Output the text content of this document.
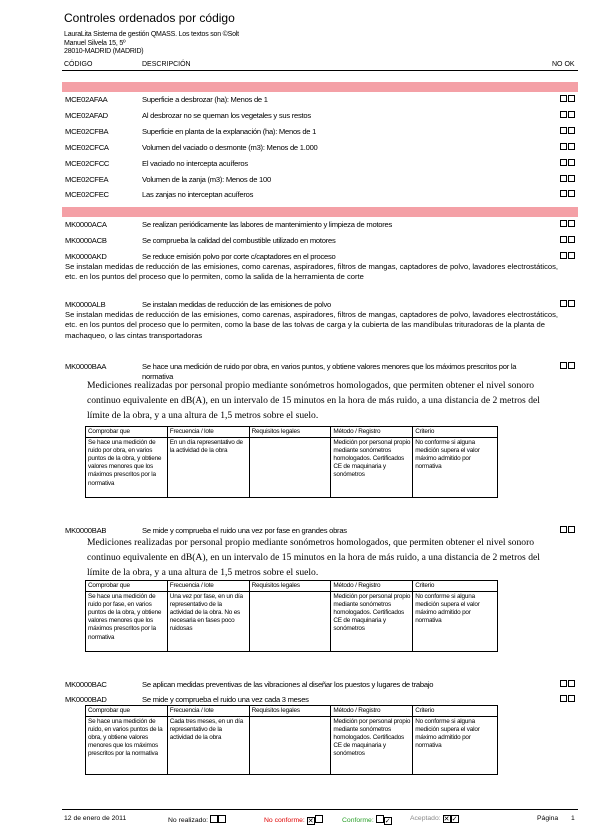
Controles ordenados por código
LauraLita Sistema de gestión QMASS. Los textos son ©Solt
Manuel Silvela 15, 5º
28010-MADRID (MADRID)
CÓDIGO	DESCRIPCIÓN	NO OK
MCE02AFAA	Superficie a desbrozar (ha): Menos de 1
MCE02AFAD	Al desbrozar no se queman los vegetales y sus restos
MCE02CFBA	Superficie en planta de la explanación (ha): Menos de 1
MCE02CFCA	Volumen del vaciado o desmonte (m3): Menos de 1.000
MCE02CFCC	El vaciado no intercepta acuíferos
MCE02CFEA	Volumen de la zanja (m3): Menos de 100
MCE02CFEC	Las zanjas no interceptan acuíferos
MK0000ACA	Se realizan periódicamente las labores de mantenimiento y limpieza de motores
MK0000ACB	Se comprueba la calidad del combustible utilizado en motores
MK0000AKD	Se reduce emisión polvo por corte c/captadores en el proceso
Se instalan medidas de reducción de las emisiones, como carenas, aspiradores, filtros de mangas, captadores de polvo, lavadores electrostáticos, etc. en los puntos del proceso que lo permiten, como la salida de la herramienta de corte
MK0000ALB	Se instalan medidas de reducción de las emisiones de polvo
Se instalan medidas de reducción de las emisiones, como carenas, aspiradores, filtros de mangas, captadores de polvo, lavadores electrostáticos, etc. en los puntos del proceso que lo permiten, como la base de las tolvas de carga y la cubierta de las mandíbulas trituradoras de la planta de machaqueo, o las cintas transportadoras
MK0000BAA	Se hace una medición de ruido por obra, en varios puntos, y obtiene valores menores que los máximos prescritos por la normativa
Mediciones realizadas por personal propio mediante sonómetros homologados, que permiten obtener el nivel sonoro continuo equivalente en dB(A), en un intervalo de 15 minutos en la hora de más ruido, a una distancia de 2 metros del límite de la obra, y a una altura de 1,5 metros sobre el suelo.
Comprobar que	Frecuencia / lote	Requisitos legales	Método / Registro	Criterio
Se hace una medición de ruido por obra, en varios puntos de la obra, y obtiene valores menores que los máximos prescritos por la normativa	En un día representativo de la actividad de la obra		Medición por personal propio mediante sonómetros homologados. Certificados CE de maquinaria y sonómetros	No conforme si alguna medición supera el valor máximo admitido por normativa
MK0000BAB	Se mide y comprueba el ruido una vez por fase en grandes obras
Mediciones realizadas por personal propio mediante sonómetros homologados, que permiten obtener el nivel sonoro continuo equivalente en dB(A), en un intervalo de 15 minutos en la hora de más ruido, a una distancia de 2 metros del límite de la obra, y a una altura de 1,5 metros sobre el suelo.
Comprobar que	Frecuencia / lote	Requisitos legales	Método / Registro	Criterio
Se hace una medición de ruido por fase, en varios puntos de la obra, y obtiene valores menores que los máximos prescritos por la normativa	Una vez por fase, en un día representativo de la actividad de la obra. No es necesaria en fases poco ruidosas		Medición por personal propio mediante sonómetros homologados. Certificados CE de maquinaria y sonómetros	No conforme si alguna medición supera el valor máximo admitido por normativa
MK0000BAC	Se aplican medidas preventivas de las vibraciones al diseñar los puestos y lugares de trabajo
MK0000BAD	Se mide y comprueba el ruido una vez cada 3 meses
Comprobar que	Frecuencia / lote	Requisitos legales	Método / Registro	Criterio
Se hace una medición de ruido, en varios puntos de la obra, y obtiene valores menores que los máximos prescritos por la normativa	Cada tres meses, en un día representativo de la actividad de la obra		Medición por personal propio mediante sonómetros homologados. Certificados CE de maquinaria y sonómetros	No conforme si alguna medición supera el valor máximo admitido por normativa
12 de enero de 2011	No realizado:	No conforme: ✕	Conforme: ✓	Aceptado: ✕ ✓	Página 1
